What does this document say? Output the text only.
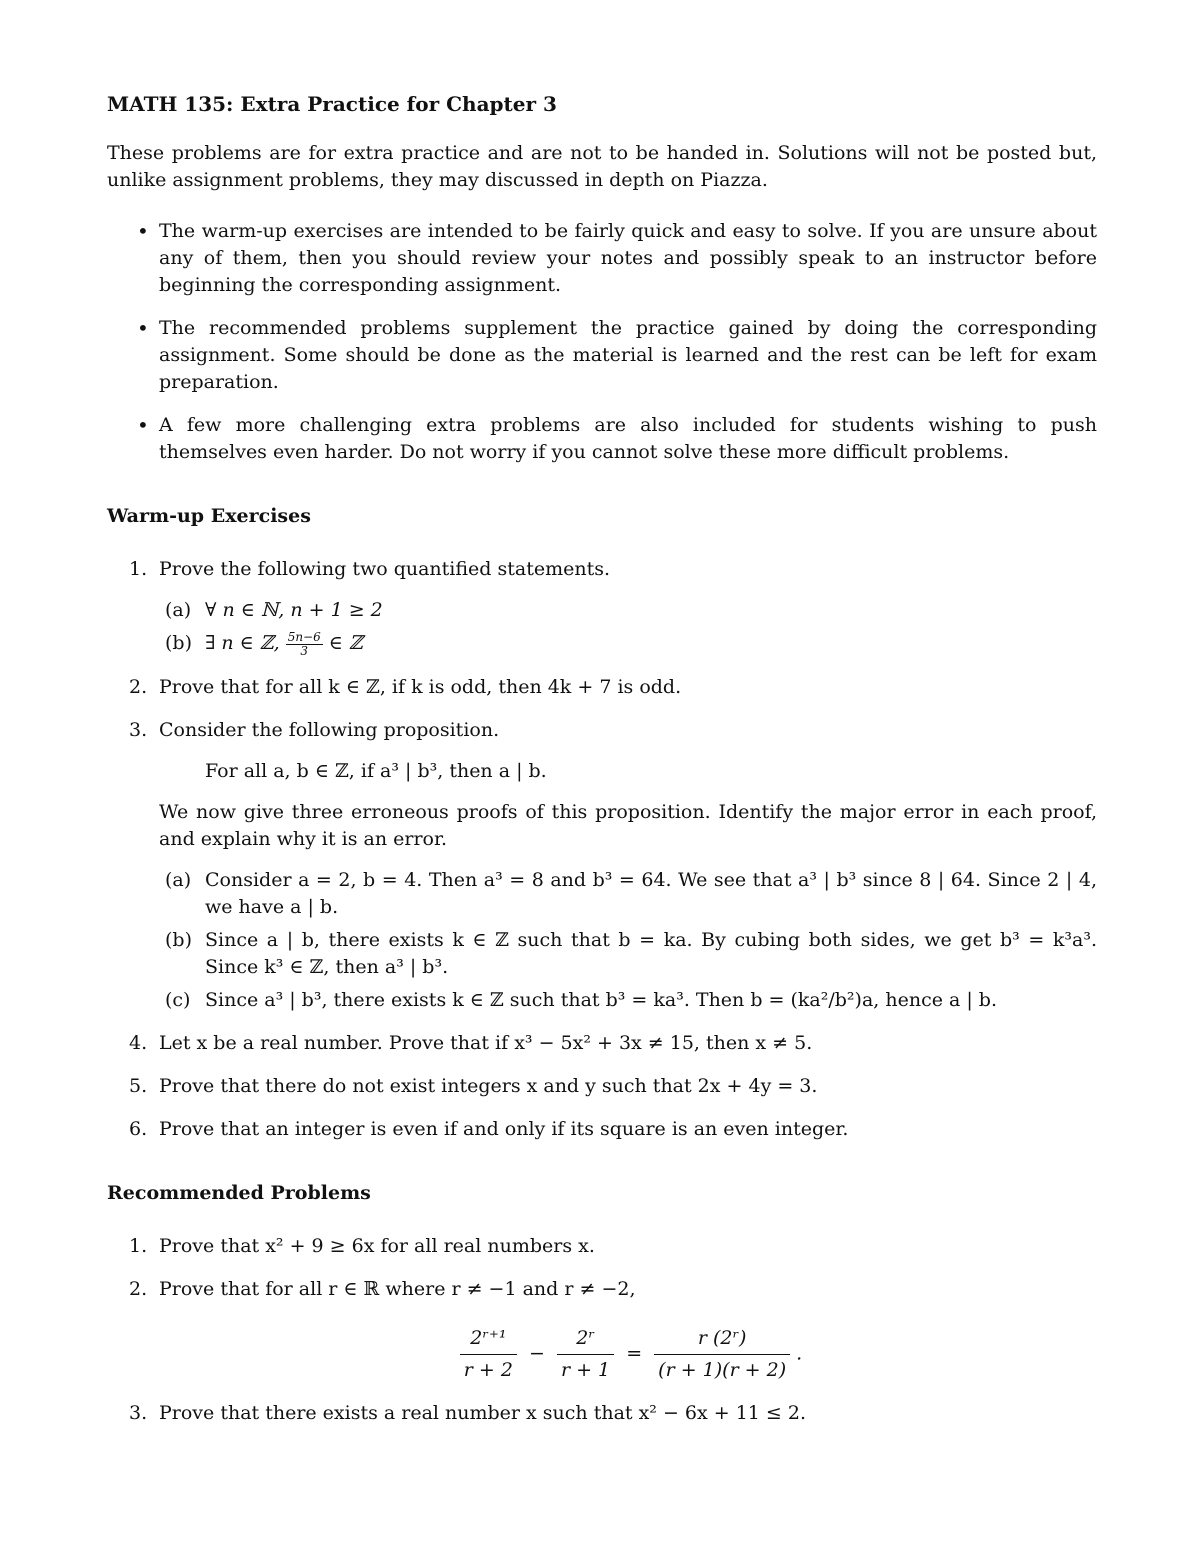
MATH 135: Extra Practice for Chapter 3

These problems are for extra practice and are not to be handed in. Solutions will not be posted but, unlike assignment problems, they may discussed in depth on Piazza.

• The warm-up exercises are intended to be fairly quick and easy to solve. If you are unsure about any of them, then you should review your notes and possibly speak to an instructor before beginning the corresponding assignment.
• The recommended problems supplement the practice gained by doing the corresponding assignment. Some should be done as the material is learned and the rest can be left for exam preparation.
• A few more challenging extra problems are also included for students wishing to push themselves even harder. Do not worry if you cannot solve these more difficult problems.
Warm-up Exercises
1. Prove the following two quantified statements.
(a) ∀ n ∈ ℕ, n + 1 ≥ 2
(b) ∃ n ∈ ℤ, $\frac{5n-6}{3}$ ∈ ℤ
2. Prove that for all k ∈ ℤ, if k is odd, then 4k + 7 is odd.
3. Consider the following proposition.
For all a, b ∈ ℤ, if a³ | b³, then a | b.

We now give three erroneous proofs of this proposition. Identify the major error in each proof, and explain why it is an error.

(a) Consider a = 2, b = 4. Then a³ = 8 and b³ = 64. We see that a³ | b³ since 8 | 64. Since 2 | 4, we have a | b.
(b) Since a | b, there exists k ∈ ℤ such that b = ka. By cubing both sides, we get b³ = k³a³. Since k³ ∈ ℤ, then a³ | b³.
(c) Since a³ | b³, there exists k ∈ ℤ such that b³ = ka³. Then b = (ka²/b²)a, hence a | b.
4. Let x be a real number. Prove that if x³ − 5x² + 3x ≠ 15, then x ≠ 5.
5. Prove that there do not exist integers x and y such that 2x + 4y = 3.
6. Prove that an integer is even if and only if its square is an even integer.
Recommended Problems
1. Prove that x² + 9 ≥ 6x for all real numbers x.
2. Prove that for all r ∈ ℝ where r ≠ −1 and r ≠ −2,
$\frac{\text{2ʳ⁺¹}}{r + 2} - \frac{\text{2ʳ}}{r + 1} = \frac{\text{r (2ʳ)}}{(r + 1)(r + 2)}$ .
3. Prove that there exists a real number x such that x² − 6x + 11 ≤ 2.
